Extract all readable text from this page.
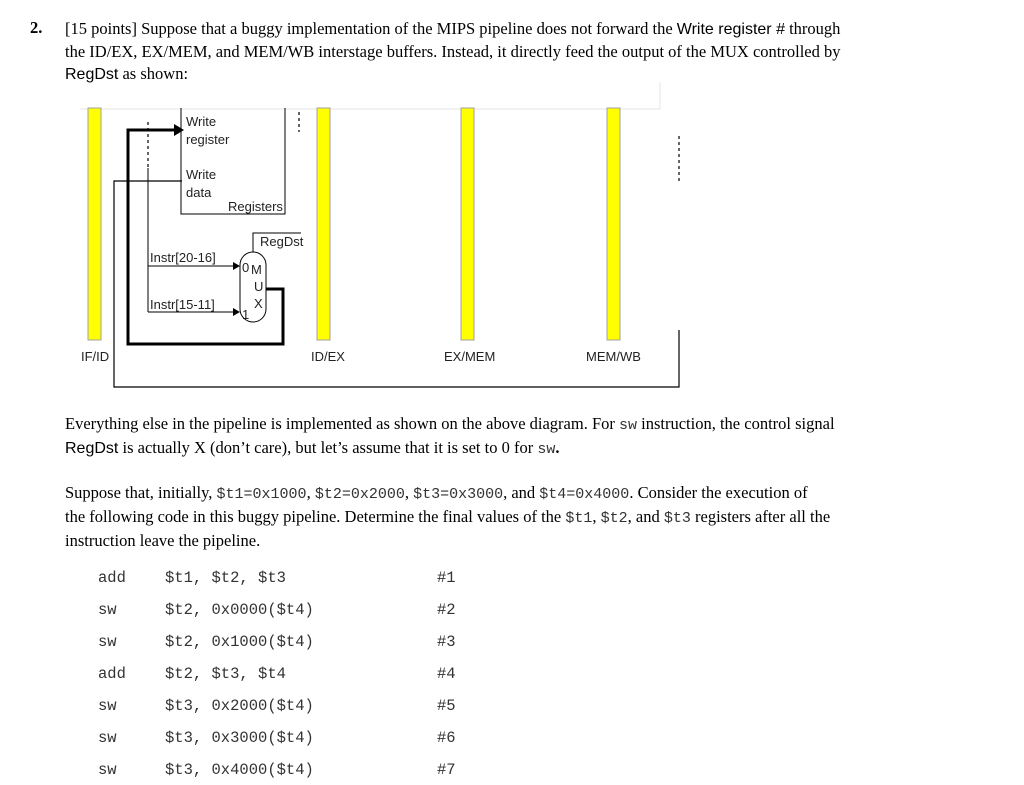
2. [15 points] Suppose that a buggy implementation of the MIPS pipeline does not forward the Write register # through
the ID/EX, EX/MEM, and MEM/WB interstage buffers. Instead, it directly feed the output of the MUX controlled by
RegDst as shown:
Write
register
Write
data
Registers
RegDst
Instr[20-16]
Instr[15-11]
0
1
M
U
X
IF/ID	ID/EX	EX/MEM	MEM/WB
Everything else in the pipeline is implemented as shown on the above diagram. For sw instruction, the control signal
RegDst is actually X (don’t care), but let’s assume that it is set to 0 for sw.
Suppose that, initially, $t1=0x1000, $t2=0x2000, $t3=0x3000, and $t4=0x4000. Consider the execution of
the following code in this buggy pipeline. Determine the final values of the $t1, $t2, and $t3 registers after all the
instruction leave the pipeline.
add	$t1, $t2, $t3	#1
sw	$t2, 0x0000($t4)	#2
sw	$t2, 0x1000($t4)	#3
add	$t2, $t3, $t4	#4
sw	$t3, 0x2000($t4)	#5
sw	$t3, 0x3000($t4)	#6
sw	$t3, 0x4000($t4)	#7
